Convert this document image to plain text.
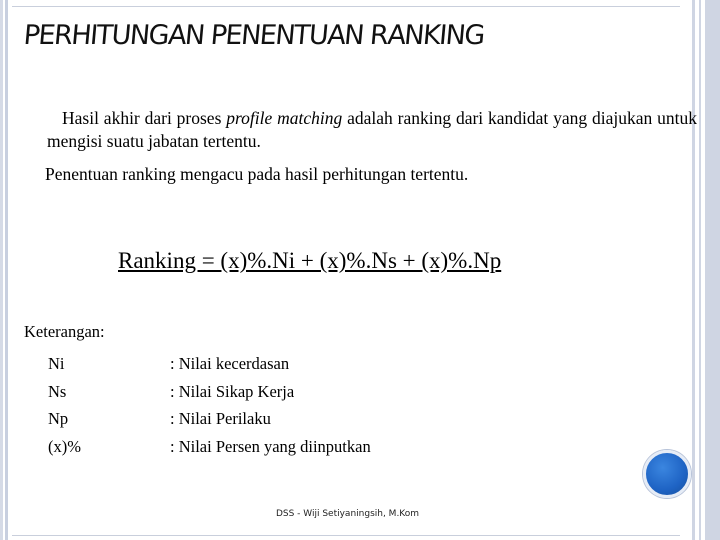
PERHITUNGAN PENENTUAN RANKING
Hasil akhir dari proses profile matching adalah ranking dari kandidat yang diajukan untuk mengisi suatu jabatan tertentu.
Penentuan ranking mengacu pada hasil perhitungan tertentu.
Ranking = (x)%.Ni + (x)%.Ns + (x)%.Np
Keterangan:
Ni	: Nilai kecerdasan
Ns	: Nilai Sikap Kerja
Np	: Nilai Perilaku
(x)%	: Nilai Persen yang diinputkan
DSS - Wiji Setiyaningsih, M.Kom
